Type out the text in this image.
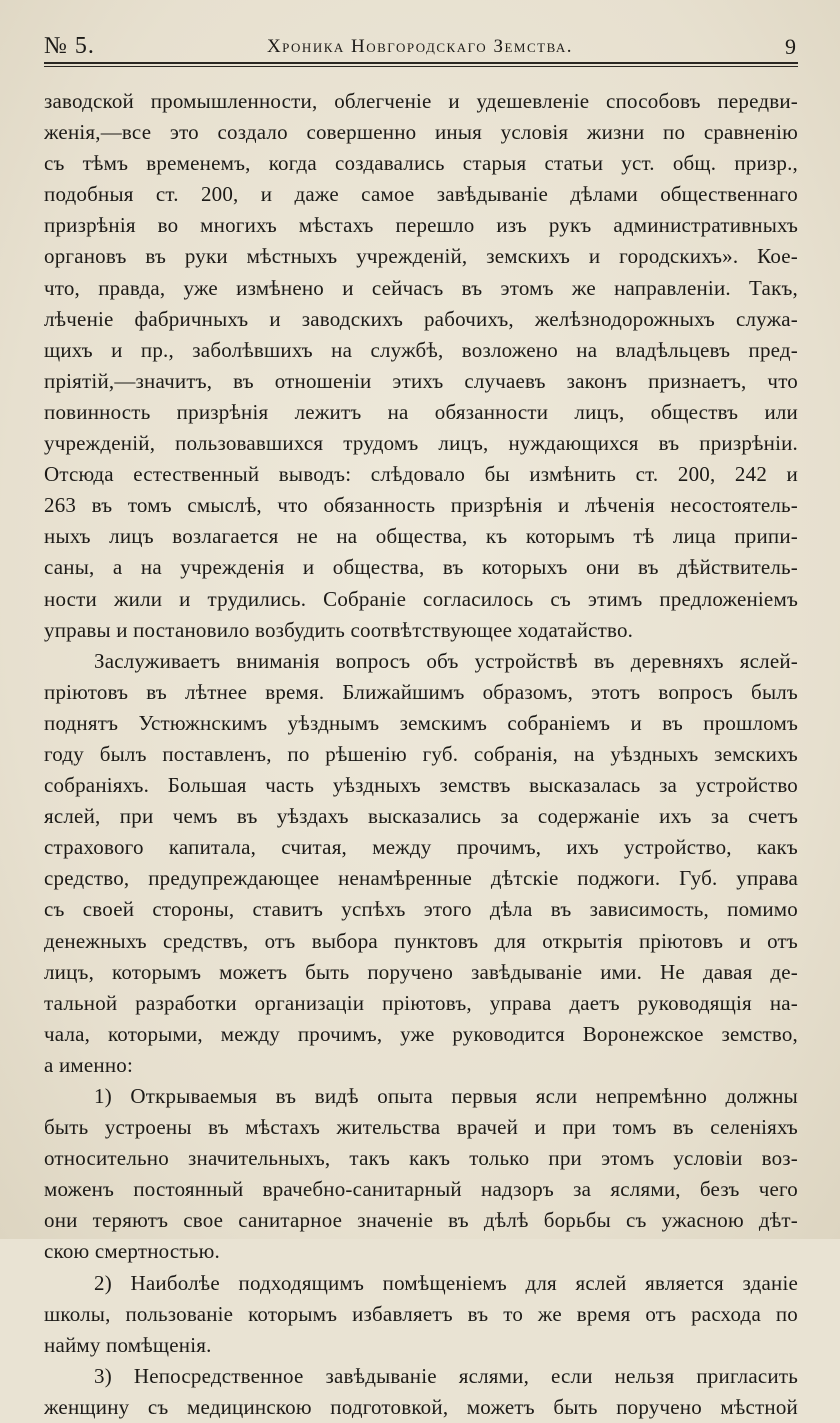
№ 5.	Хроника Новгородскаго Земства.	9
заводской промышленности, облегченіе и удешевленіе способовъ передви-
женія,—все это создало совершенно иныя условія жизни по сравненію
съ тѣмъ временемъ, когда создавались старыя статьи уст. общ. призр.,
подобныя ст. 200, и даже самое завѣдываніе дѣлами общественнаго
призрѣнія во многихъ мѣстахъ перешло изъ рукъ административныхъ
органовъ въ руки мѣстныхъ учрежденій, земскихъ и городскихъ». Кое-
что, правда, уже измѣнено и сейчасъ въ этомъ же направленіи. Такъ,
лѣченіе фабричныхъ и заводскихъ рабочихъ, желѣзнодорожныхъ служа-
щихъ и пр., заболѣвшихъ на службѣ, возложено на владѣльцевъ пред-
пріятій,—значитъ, въ отношеніи этихъ случаевъ законъ признаетъ, что
повинность призрѣнія лежитъ на обязанности лицъ, обществъ или
учрежденій, пользовавшихся трудомъ лицъ, нуждающихся въ призрѣніи.
Отсюда естественный выводъ: слѣдовало бы измѣнить ст. 200, 242 и
263 въ томъ смыслѣ, что обязанность призрѣнія и лѣченія несостоятель-
ныхъ лицъ возлагается не на общества, къ которымъ тѣ лица припи-
саны, а на учрежденія и общества, въ которыхъ они въ дѣйствитель-
ности жили и трудились. Собраніе согласилось съ этимъ предложеніемъ
управы и постановило возбудить соотвѣтствующее ходатайство.
Заслуживаетъ вниманія вопросъ объ устройствѣ въ деревняхъ яслей-
пріютовъ въ лѣтнее время. Ближайшимъ образомъ, этотъ вопросъ былъ
поднятъ Устюжнскимъ уѣзднымъ земскимъ собраніемъ и въ прошломъ
году былъ поставленъ, по рѣшенію губ. собранія, на уѣздныхъ земскихъ
собраніяхъ. Большая часть уѣздныхъ земствъ высказалась за устройство
яслей, при чемъ въ уѣздахъ высказались за содержаніе ихъ за счетъ
страхового капитала, считая, между прочимъ, ихъ устройство, какъ
средство, предупреждающее ненамѣренные дѣтскіе поджоги. Губ. управа
съ своей стороны, ставитъ успѣхъ этого дѣла въ зависимость, помимо
денежныхъ средствъ, отъ выбора пунктовъ для открытія пріютовъ и отъ
лицъ, которымъ можетъ быть поручено завѣдываніе ими. Не давая де-
тальной разработки организаціи пріютовъ, управа даетъ руководящія на-
чала, которыми, между прочимъ, уже руководится Воронежское земство,
а именно:
1) Открываемыя въ видѣ опыта первыя ясли непремѣнно должны
быть устроены въ мѣстахъ жительства врачей и при томъ въ селеніяхъ
относительно значительныхъ, такъ какъ только при этомъ условіи воз-
моженъ постоянный врачебно-санитарный надзоръ за яслями, безъ чего
они теряютъ свое санитарное значеніе въ дѣлѣ борьбы съ ужасною дѣт-
скою смертностью.
2) Наиболѣе подходящимъ помѣщеніемъ для яслей является зданіе
школы, пользованіе которымъ избавляетъ въ то же время отъ расхода по
найму помѣщенія.
3) Непосредственное завѣдываніе яслями, если нельзя пригласить
женщину съ медицинскою подготовкой, можетъ быть поручено мѣстной
